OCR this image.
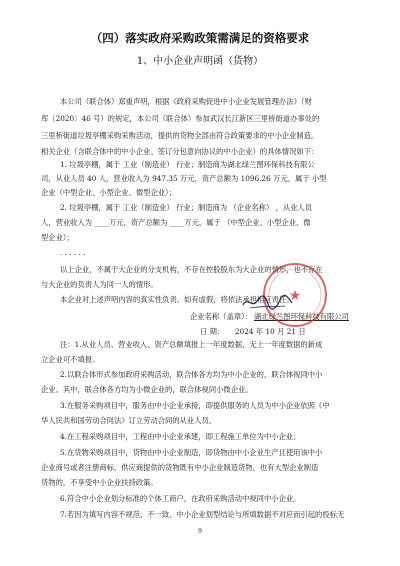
（四）落实政府采购政策需满足的资格要求
1、中小企业声明函（货物）
本公司（联合体）郑重声明，根据《政府采购促进中小企业发展管理办法》（财
库〔2020〕46 号）的规定，本公司（联合体）参加武汉长江新区三里桥街道办事处的
三里桥街道垃圾亭棚采购采购活动，提供的货物全部由符合政策要求的中小企业制造。
相关企业（含联合体中的中小企业、签订分包意向协议的中小企业）的具体情况如下：
1. 垃圾亭棚，属于 工业（制造业） 行业；制造商为湖北绿兰图环保科技有限公
司，从业人员 40 人，营业收入为 947.35 万元，资产总额为 1096.26 万元，属于 小型
企业（中型企业、小型企业、微型企业）；
2. 垃圾亭棚，属于 工业（制造业） 行业；制造商为 （企业名称） ，从业人员
人，营业收入为 ____万元，资产总额为 ____万元，属于 （中型企业、小型企业、微
型企业）；
· · · · · ·
以上企业，不属于大企业的分支机构，不存在控股股东为大企业的情形，也不存在
与大企业的负责人为同一人的情形。
本企业对上述声明内容的真实性负责。如有虚假，将依法承担相应责任。
企业名称（盖章）： 湖北绿兰图环保科技有限公司
日 期： 2024 年 10 月 21 日
★
注：1.从业人员、营业收入、资产总额填报上一年度数据，无上一年度数据的新成
立企业可不填报。
2.以联合体形式参加政府采购活动，联合体各方均为中小企业的，联合体视同中小
企业。其中，联合体各方均为小微企业的，联合体视同小微企业。
3.在服务采购项目中，服务由中小企业承接，即提供服务的人员为中小企业依照《中
华人民共和国劳动合同法》订立劳动合同的从业人员。
4.在工程采购项目中，工程由中小企业承建，即工程施工单位为中小企业；
5.在货物采购项目中，货物由中小企业制造，即货物由中小企业生产且使用该中小
企业商号或者注册商标，供应商提供的货物既有中小企业制造货物，也有大型企业制造
货物的，不享受中小企业扶持政策。
6.符合中小企业划分标准的个体工商户，在政府采购活动中视同中小企业。
7.若因为填写内容不规范、不一致、中小企业划型结论与所填数据不对应而引起的投标无
9
